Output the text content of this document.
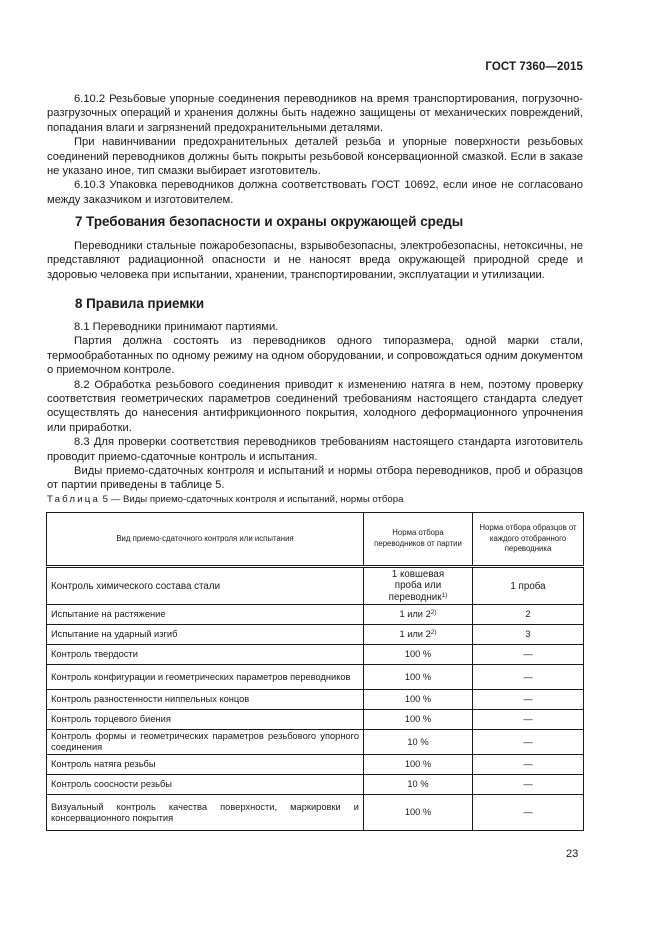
ГОСТ 7360—2015

6.10.2 Резьбовые упорные соединения переводников на время транспортирования, погрузочно-разгрузочных операций и хранения должны быть надежно защищены от механических повреждений, попадания влаги и загрязнений предохранительными деталями.

При навинчивании предохранительных деталей резьба и упорные поверхности резьбовых соединений переводников должны быть покрыты резьбовой консервационной смазкой. Если в заказе не указано иное, тип смазки выбирает изготовитель.

6.10.3 Упаковка переводников должна соответствовать ГОСТ 10692, если иное не согласовано между заказчиком и изготовителем.

7 Требования безопасности и охраны окружающей среды

Переводники стальные пожаробезопасны, взрывобезопасны, электробезопасны, нетоксичны, не представляют радиационной опасности и не наносят вреда окружающей природной среде и здоровью человека при испытании, хранении, транспортировании, эксплуатации и утилизации.

8 Правила приемки

8.1 Переводники принимают партиями.

Партия должна состоять из переводников одного типоразмера, одной марки стали, термообработанных по одному режиму на одном оборудовании, и сопровождаться одним документом о приемочном контроле.

8.2 Обработка резьбового соединения приводит к изменению натяга в нем, поэтому проверку соответствия геометрических параметров соединений требованиям настоящего стандарта следует осуществлять до нанесения антифрикционного покрытия, холодного деформационного упрочнения или приработки.

8.3 Для проверки соответствия переводников требованиям настоящего стандарта изготовитель проводит приемо-сдаточные контроль и испытания.

Виды приемо-сдаточных контроля и испытаний и нормы отбора переводников, проб и образцов от партии приведены в таблице 5.

Таблица 5 — Виды приемо-сдаточных контроля и испытаний, нормы отбора
Вид приемо-сдаточного контроля или испытания	Норма отбора переводников от партии	Норма отбора образцов от каждого отобранного переводника
Контроль химического состава стали	1 ковшевая проба или переводник$^{1)}$	1 проба
Испытание на растяжение	1 или 2$^{2)}$	2
Испытание на ударный изгиб	1 или 2$^{2)}$	3
Контроль твердости	100 %	—
Контроль конфигурации и геометрических параметров переводников	100 %	—
Контроль разностенности ниппельных концов	100 %	—
Контроль торцевого биения	100 %	—
Контроль формы и геометрических параметров резьбового упорного соединения	10 %	—
Контроль натяга резьбы	100 %	—
Контроль соосности резьбы	10 %	—
Визуальный контроль качества поверхности, маркировки и консервационного покрытия	100 %	—
23
